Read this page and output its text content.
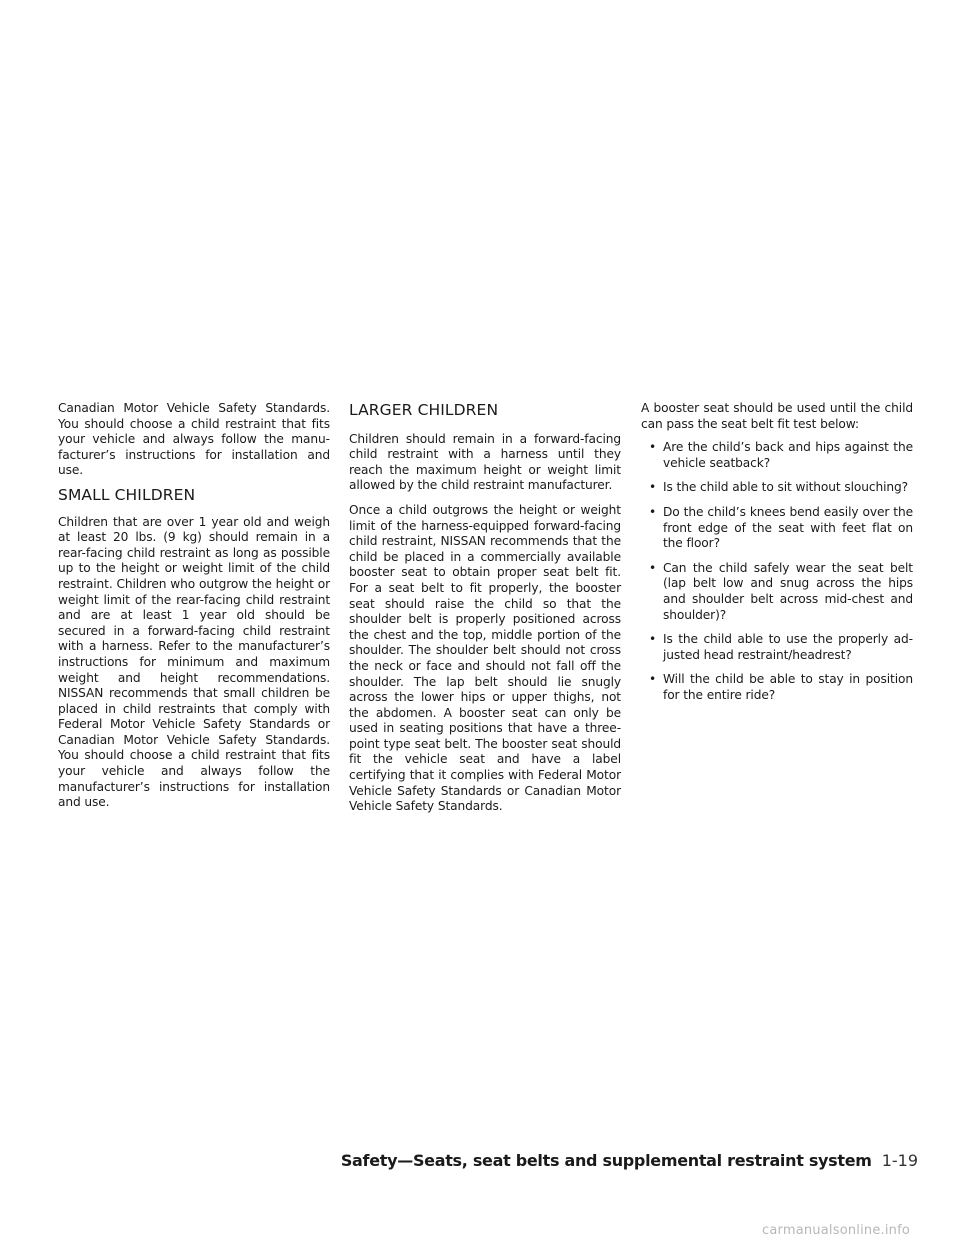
Canadian Motor Vehicle Safety Standards. You should choose a child restraint that fits your vehicle and always follow the manufacturer’s instructions for installation and use.

SMALL CHILDREN

Children that are over 1 year old and weigh at least 20 lbs. (9 kg) should remain in a rear-facing child restraint as long as possible up to the height or weight limit of the child restraint. Children who outgrow the height or weight limit of the rear-facing child restraint and are at least 1 year old should be secured in a forward-facing child restraint with a harness. Refer to the manufacturer’s instructions for minimum and maximum weight and height recommendations. NISSAN recommends that small children be placed in child restraints that comply with Federal Motor Vehicle Safety Standards or Canadian Motor Vehicle Safety Standards. You should choose a child restraint that fits your vehicle and always follow the manufacturer’s instructions for installation and use.

LARGER CHILDREN

Children should remain in a forward-facing child restraint with a harness until they reach the maximum height or weight limit allowed by the child restraint manufacturer.

Once a child outgrows the height or weight limit of the harness-equipped forward-facing child restraint, NISSAN recommends that the child be placed in a commercially available booster seat to obtain proper seat belt fit. For a seat belt to fit properly, the booster seat should raise the child so that the shoulder belt is properly positioned across the chest and the top, middle portion of the shoulder. The shoulder belt should not cross the neck or face and should not fall off the shoulder. The lap belt should lie snugly across the lower hips or upper thighs, not the abdomen. A booster seat can only be used in seating positions that have a three-point type seat belt. The booster seat should fit the vehicle seat and have a label certifying that it complies with Federal Motor Vehicle Safety Standards or Canadian Motor Vehicle Safety Standards.

A booster seat should be used until the child can pass the seat belt fit test below:

• Are the child’s back and hips against the vehicle seatback?
• Is the child able to sit without slouching?
• Do the child’s knees bend easily over the front edge of the seat with feet flat on the floor?
• Can the child safely wear the seat belt (lap belt low and snug across the hips and shoulder belt across mid-chest and shoulder)?
• Is the child able to use the properly adjusted head restraint/headrest?
• Will the child be able to stay in position for the entire ride?
Safety—Seats, seat belts and supplemental restraint system 1-19
carmanualsonline.info
